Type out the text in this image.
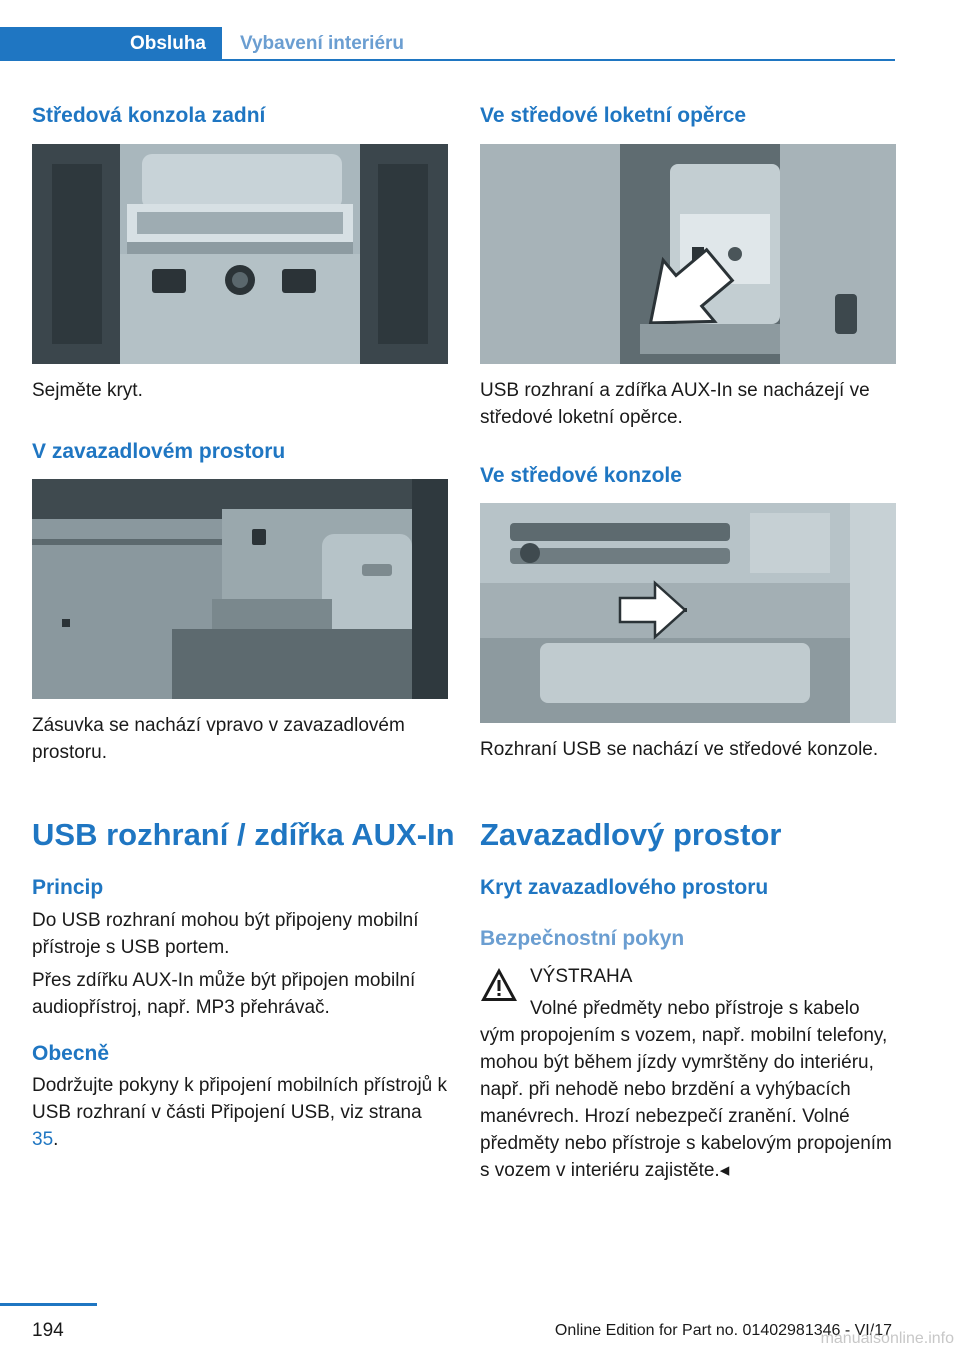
Obsluha	Vybavení interiéru
Středová konzola zadní
Sejměte kryt.
V zavazadlovém prostoru
Zásuvka se nachází vpravo v zavazadlovém prostoru.
USB rozhraní / zdířka AUX-In
Princip
Do USB rozhraní mohou být připojeny mobilní přístroje s USB portem.
Přes zdířku AUX-In může být připojen mobilní audiopřístroj, např. MP3 přehrávač.
Obecně
Dodržujte pokyny k připojení mobilních přístrojů k USB rozhraní v části Připojení USB, viz strana 35.
Ve středové loketní opěrce
USB rozhraní a zdířka AUX-In se nacházejí ve středové loketní opěrce.
Ve středové konzole
Rozhraní USB se nachází ve středové konzole.
Zavazadlový prostor
Kryt zavazadlového prostoru
Bezpečnostní pokyn
VÝSTRAHA
Volné předměty nebo přístroje s kabelo
vým propojením s vozem, např. mobilní telefony, mohou být během jízdy vymrštěny do interiéru, např. při nehodě nebo brzdění a vyhýbacích manévrech. Hrozí nebezpečí zranění. Volné předměty nebo přístroje s kabelovým propojením s vozem v interiéru zajistěte.◂
194	Online Edition for Part no. 01402981346 - VI/17
manualsonline.info
